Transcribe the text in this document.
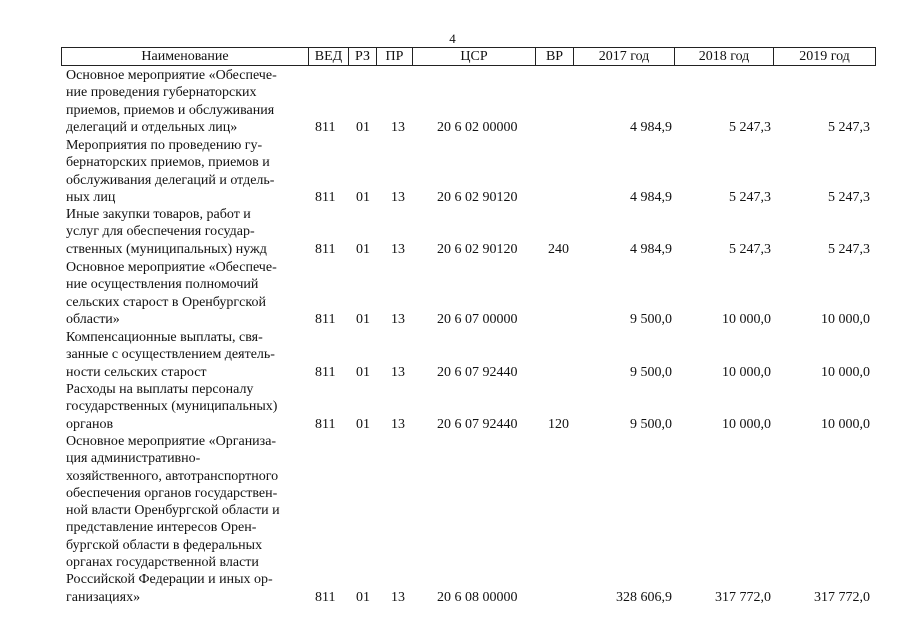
4
Наименование	ВЕД РЗ	ПР	ЦСР	ВР	2017 год	2018 год	2019 год
Основное мероприятие «Обеспече-
ние проведения губернаторских
приемов, приемов и обслуживания
делегаций и отдельных лиц»	811 01 13 20 6 02 00000	4 984,9	5 247,3	5 247,3
Мероприятия по проведению гу-
бернаторских приемов, приемов и
обслуживания делегаций и отдель-
ных лиц	811 01 13 20 6 02 90120	4 984,9	5 247,3	5 247,3
Иные закупки товаров, работ и
услуг для обеспечения государ-
ственных (муниципальных) нужд	811 01 13 20 6 02 90120 240	4 984,9	5 247,3	5 247,3
Основное мероприятие «Обеспече-
ние осуществления полномочий
сельских старост в Оренбургской
области»	811 01 13 20 6 07 00000	9 500,0	10 000,0	10 000,0
Компенсационные выплаты, свя-
занные с осуществлением деятель-
ности сельских старост	811 01 13 20 6 07 92440	9 500,0	10 000,0	10 000,0
Расходы на выплаты персоналу
государственных (муниципальных)
органов	811 01 13 20 6 07 92440 120	9 500,0	10 000,0	10 000,0
Основное мероприятие «Организа-
ция административно-
хозяйственного, автотранспортного
обеспечения органов государствен-
ной власти Оренбургской области и
представление интересов Орен-
бургской области в федеральных
органах государственной власти
Российской Федерации и иных ор-
ганизациях»	811 01 13 20 6 08 00000	328 606,9	317 772,0	317 772,0
